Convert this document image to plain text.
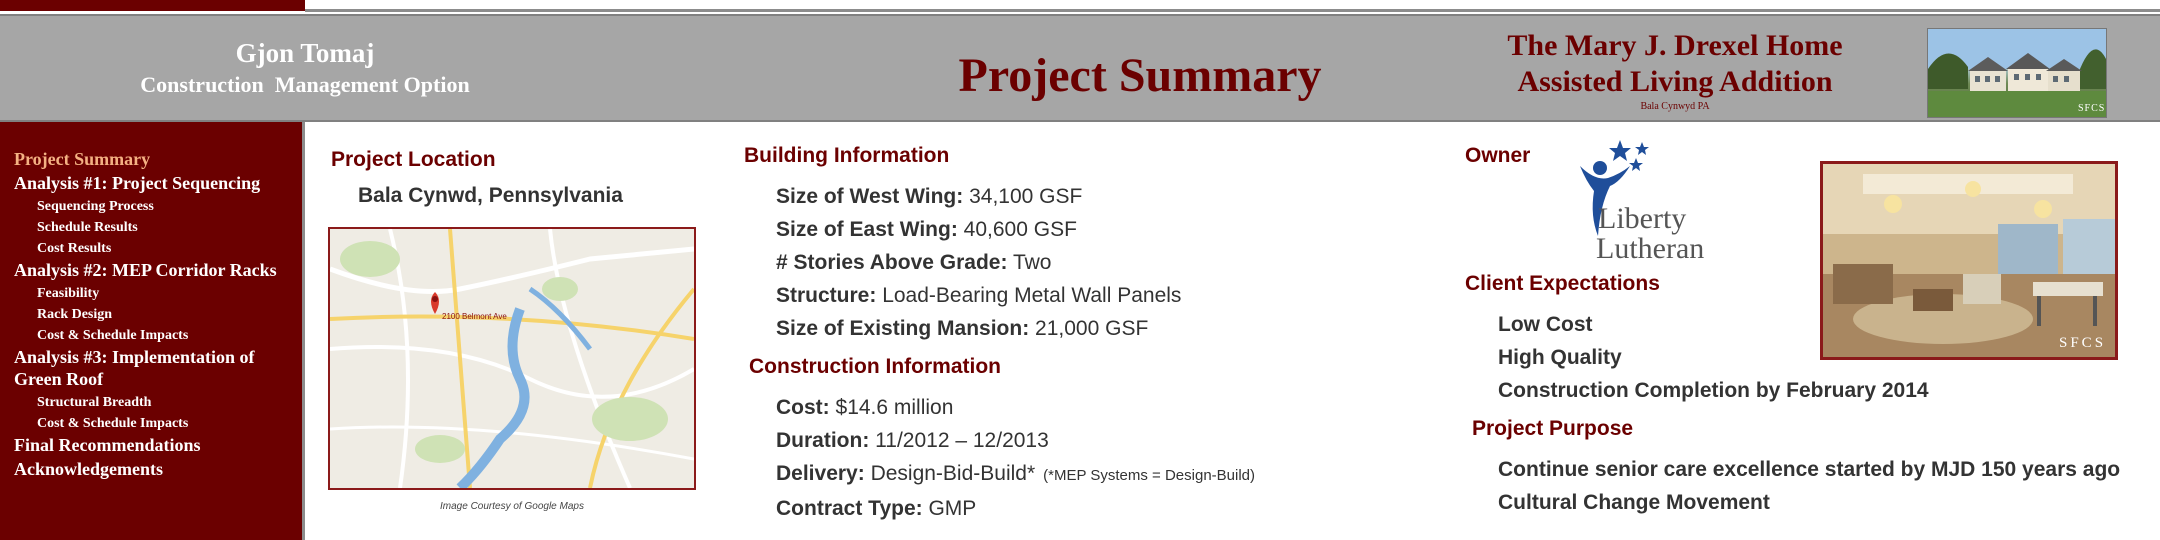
Gjon Tomaj
Construction  Management Option	Project Summary
The Mary J. Drexel Home
Assisted Living Addition
Bala Cynwyd PA	SFCS
Project Summary
Analysis #1: Project Sequencing
Sequencing Process
Schedule Results
Cost Results
Analysis #2: MEP Corridor Racks
Feasibility
Rack Design
Cost & Schedule Impacts
Analysis #3: Implementation of Green Roof
Structural Breadth
Cost & Schedule Impacts
Final Recommendations
Acknowledgements
Project Location
Bala Cynwd, Pennsylvania
2100 Belmont Ave
Image Courtesy of Google Maps
Building Information
Size of West Wing: 34,100 GSF
Size of East Wing: 40,600 GSF
# Stories Above Grade: Two
Structure: Load-Bearing Metal Wall Panels
Size of Existing Mansion: 21,000 GSF
Construction Information
Cost: $14.6 million
Duration: 11/2012 – 12/2013
Delivery: Design-Bid-Build* (*MEP Systems = Design-Build)
Contract Type: GMP
Owner
Liberty
Lutheran
Client Expectations
Low Cost
High Quality
Construction Completion by February 2014
Project Purpose
Continue senior care excellence started by MJD 150 years ago
Cultural Change Movement
SFCS
